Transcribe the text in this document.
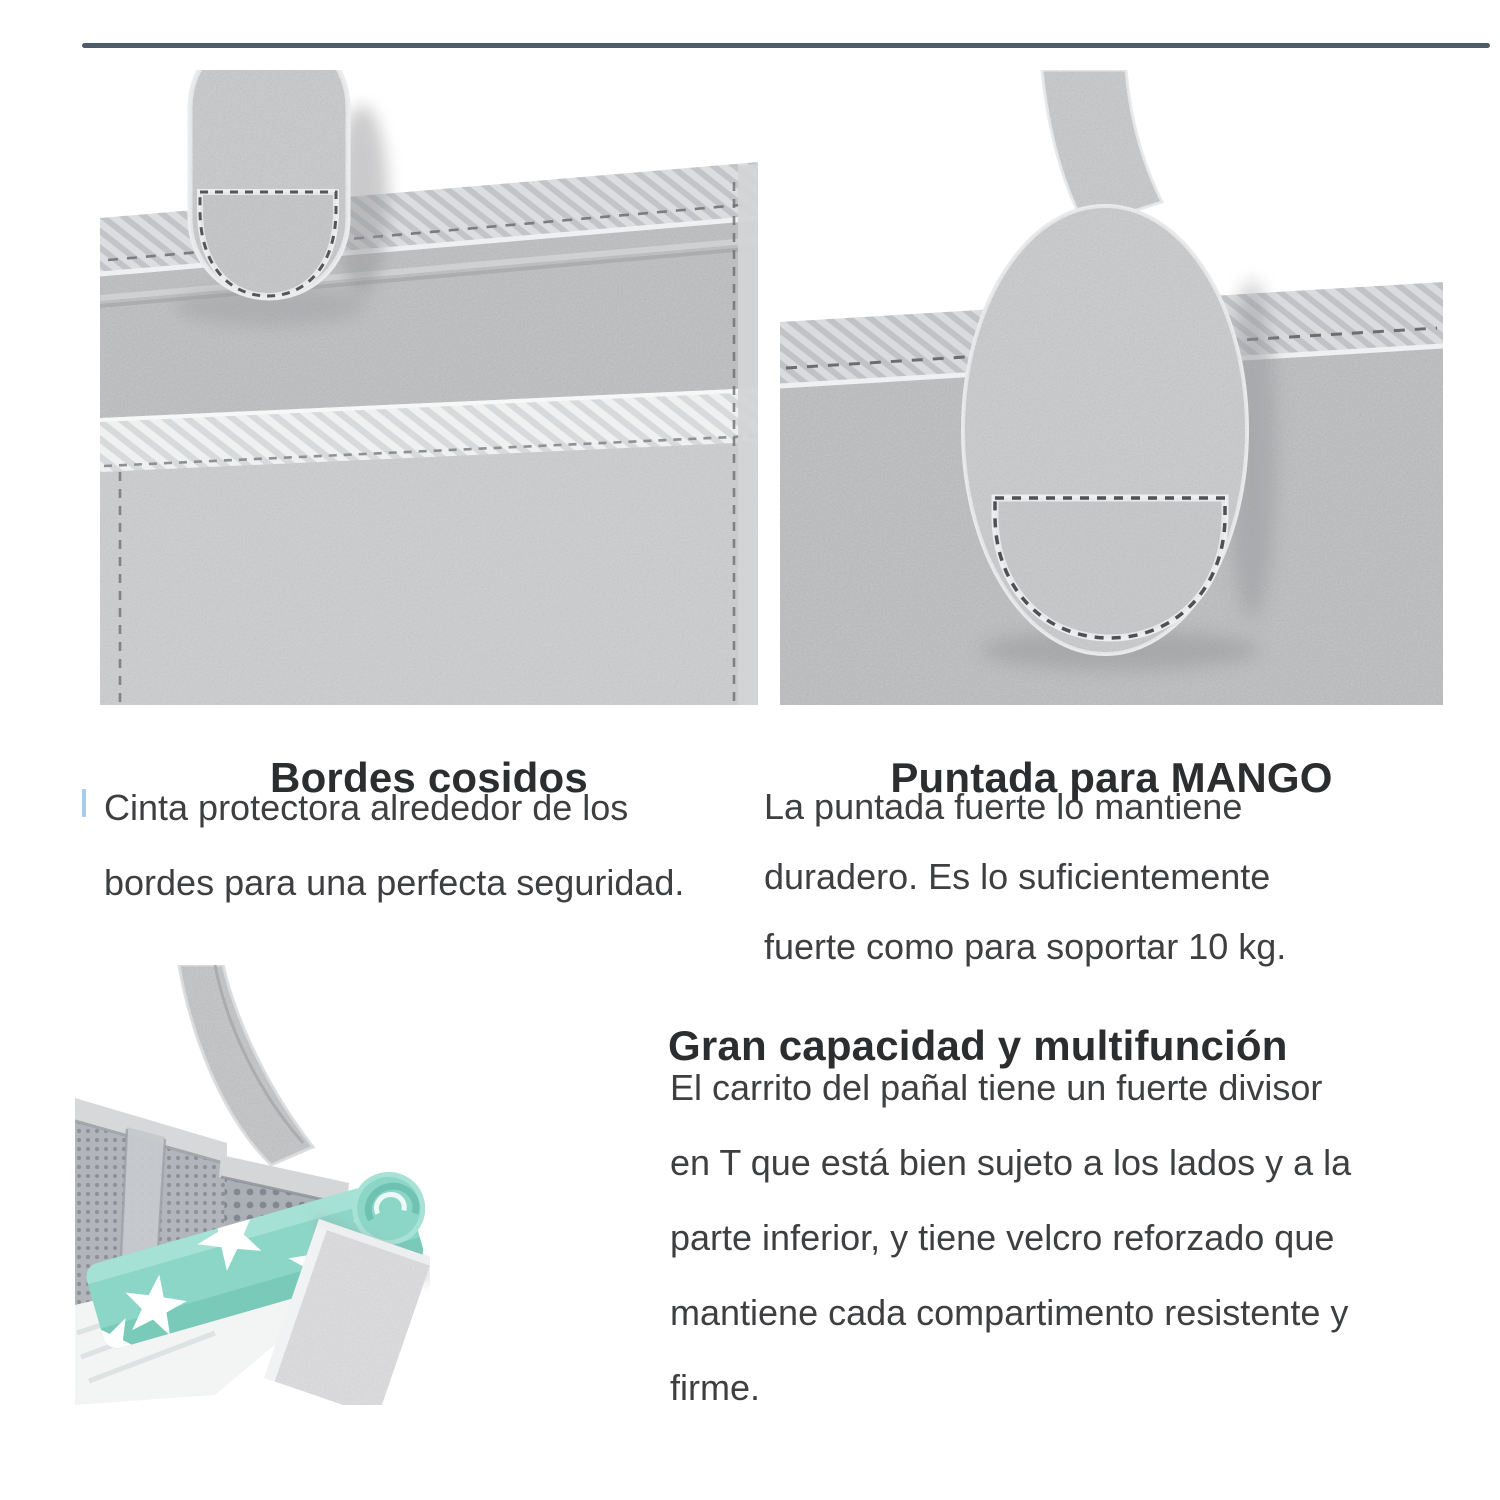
Bordes cosidos	Puntada para MANGO
Cinta protectora alrededor de los
bordes para una perfecta seguridad.
La puntada fuerte lo mantiene
duradero. Es lo suficientemente
fuerte como para soportar 10 kg.
Gran capacidad y multifunción
El carrito del pañal tiene un fuerte divisor
en T que está bien sujeto a los lados y a la
parte inferior, y tiene velcro reforzado que
mantiene cada compartimento resistente y
firme.
